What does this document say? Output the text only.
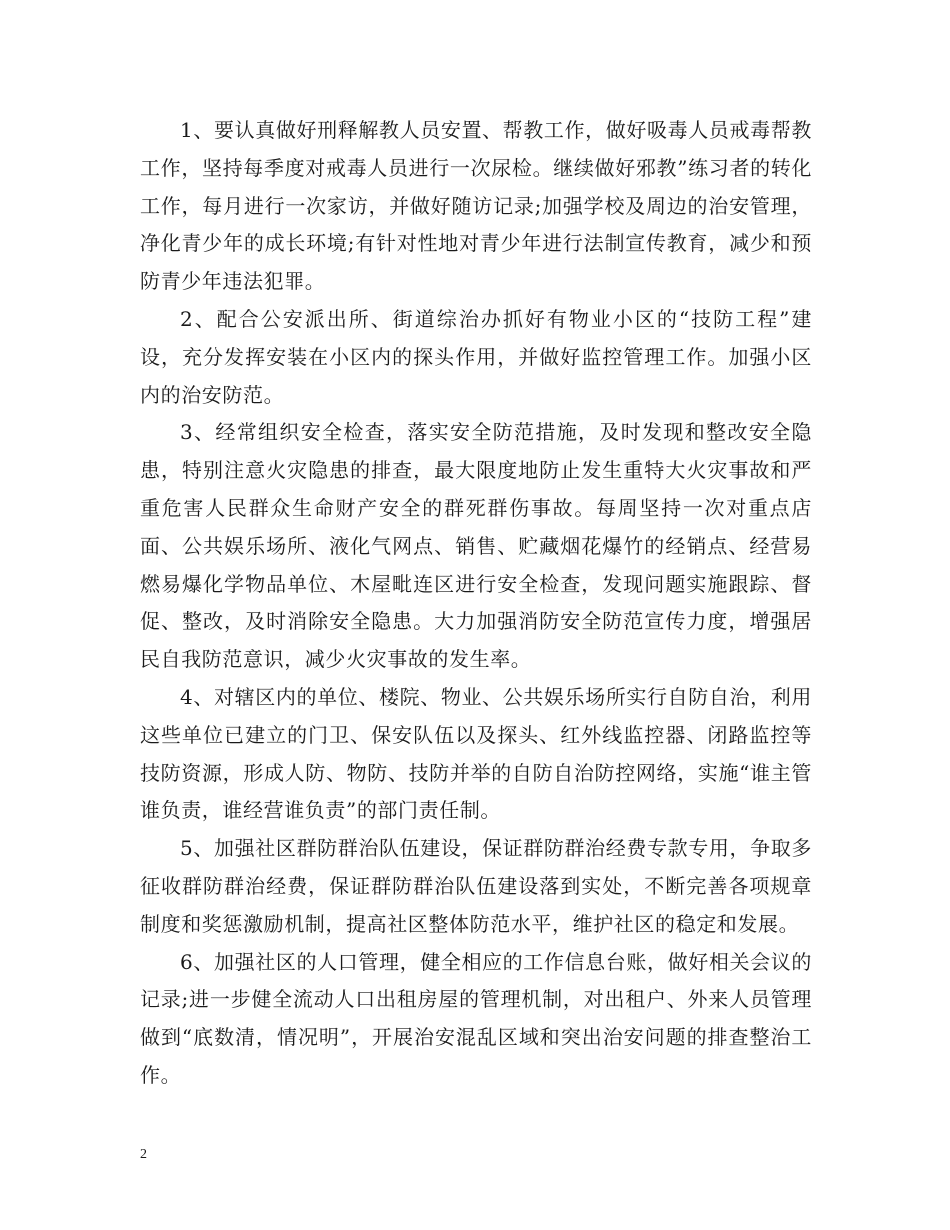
1、要认真做好刑释解教人员安置、帮教工作，做好吸毒人员戒毒帮教工作，坚持每季度对戒毒人员进行一次尿检。继续做好邪教”练习者的转化工作，每月进行一次家访，并做好随访记录;加强学校及周边的治安管理，净化青少年的成长环境;有针对性地对青少年进行法制宣传教育，减少和预防青少年违法犯罪。

2、配合公安派出所、街道综治办抓好有物业小区的“技防工程”建设，充分发挥安装在小区内的探头作用，并做好监控管理工作。加强小区内的治安防范。

3、经常组织安全检查，落实安全防范措施，及时发现和整改安全隐患，特别注意火灾隐患的排查，最大限度地防止发生重特大火灾事故和严重危害人民群众生命财产安全的群死群伤事故。每周坚持一次对重点店面、公共娱乐场所、液化气网点、销售、贮藏烟花爆竹的经销点、经营易燃易爆化学物品单位、木屋毗连区进行安全检查，发现问题实施跟踪、督促、整改，及时消除安全隐患。大力加强消防安全防范宣传力度，增强居民自我防范意识，减少火灾事故的发生率。

4、对辖区内的单位、楼院、物业、公共娱乐场所实行自防自治，利用这些单位已建立的门卫、保安队伍以及探头、红外线监控器、闭路监控等技防资源，形成人防、物防、技防并举的自防自治防控网络，实施“谁主管谁负责，谁经营谁负责”的部门责任制。

5、加强社区群防群治队伍建设，保证群防群治经费专款专用，争取多征收群防群治经费，保证群防群治队伍建设落到实处，不断完善各项规章制度和奖惩激励机制，提高社区整体防范水平，维护社区的稳定和发展。

6、加强社区的人口管理，健全相应的工作信息台账，做好相关会议的记录;进一步健全流动人口出租房屋的管理机制，对出租户、外来人员管理做到“底数清，情况明”，开展治安混乱区域和突出治安问题的排查整治工作。

2
